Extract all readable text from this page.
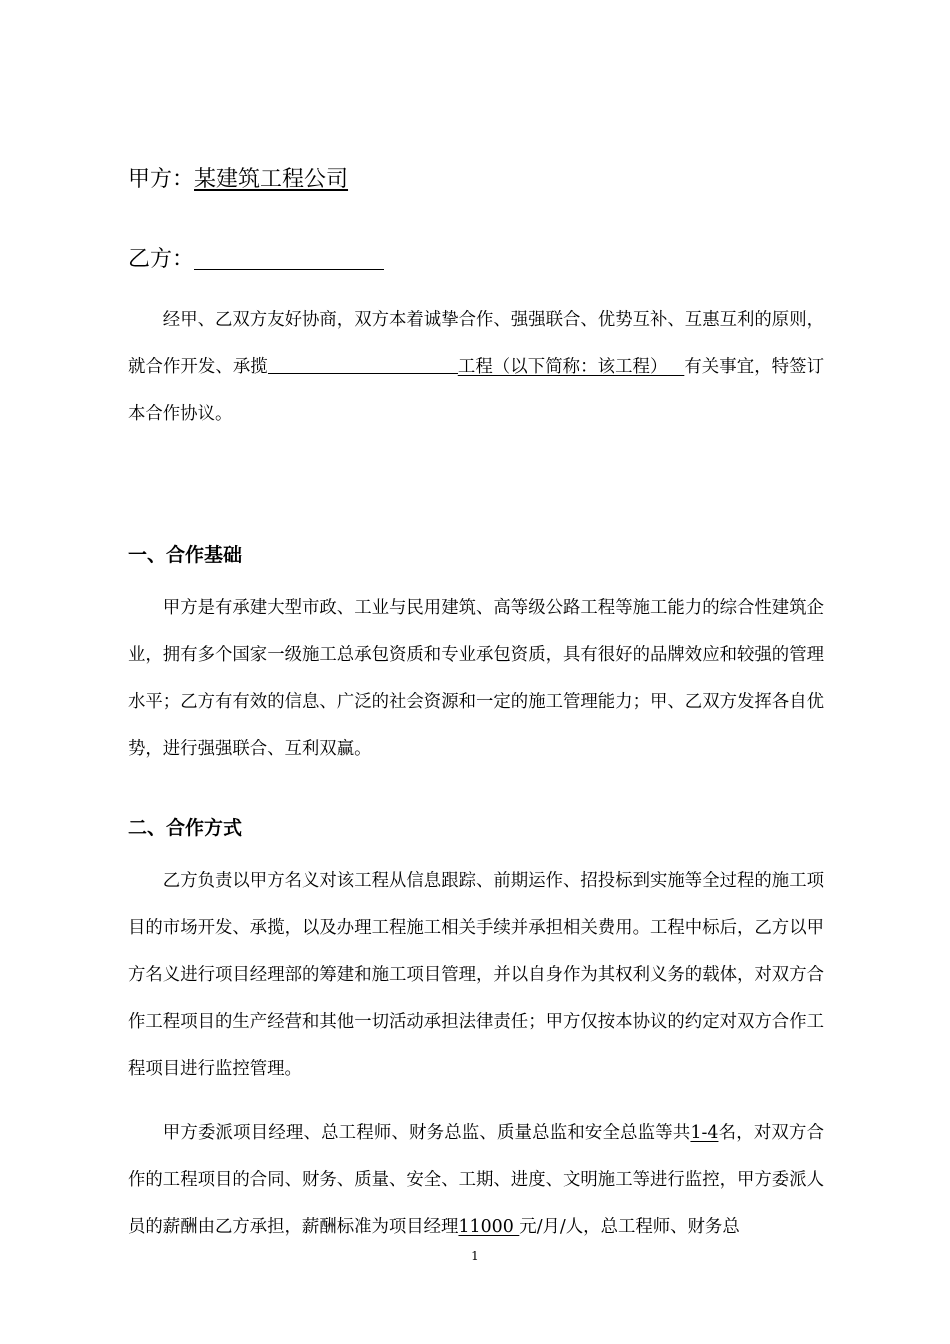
甲方：某建筑工程公司
乙方：

经甲、乙双方友好协商，双方本着诚挚合作、强强联合、优势互补、互惠互利的原则，就合作开发、承揽	工程（以下简称：该工程） 有关事宜，特签订本合作协议。

一、合作基础

甲方是有承建大型市政、工业与民用建筑、高等级公路工程等施工能力的综合性建筑企业，拥有多个国家一级施工总承包资质和专业承包资质，具有很好的品牌效应和较强的管理水平；乙方有有效的信息、广泛的社会资源和一定的施工管理能力；甲、乙双方发挥各自优势，进行强强联合、互利双赢。

二、合作方式

乙方负责以甲方名义对该工程从信息跟踪、前期运作、招投标到实施等全过程的施工项目的市场开发、承揽，以及办理工程施工相关手续并承担相关费用。工程中标后，乙方以甲方名义进行项目经理部的筹建和施工项目管理，并以自身作为其权利义务的载体，对双方合作工程项目的生产经营和其他一切活动承担法律责任；甲方仅按本协议的约定对双方合作工程项目进行监控管理。

甲方委派项目经理、总工程师、财务总监、质量总监和安全总监等共1-4名，对双方合作的工程项目的合同、财务、质量、安全、工期、进度、文明施工等进行监控，甲方委派人员的薪酬由乙方承担，薪酬标准为项目经理11000 元/月/人，总工程师、财务总

1
